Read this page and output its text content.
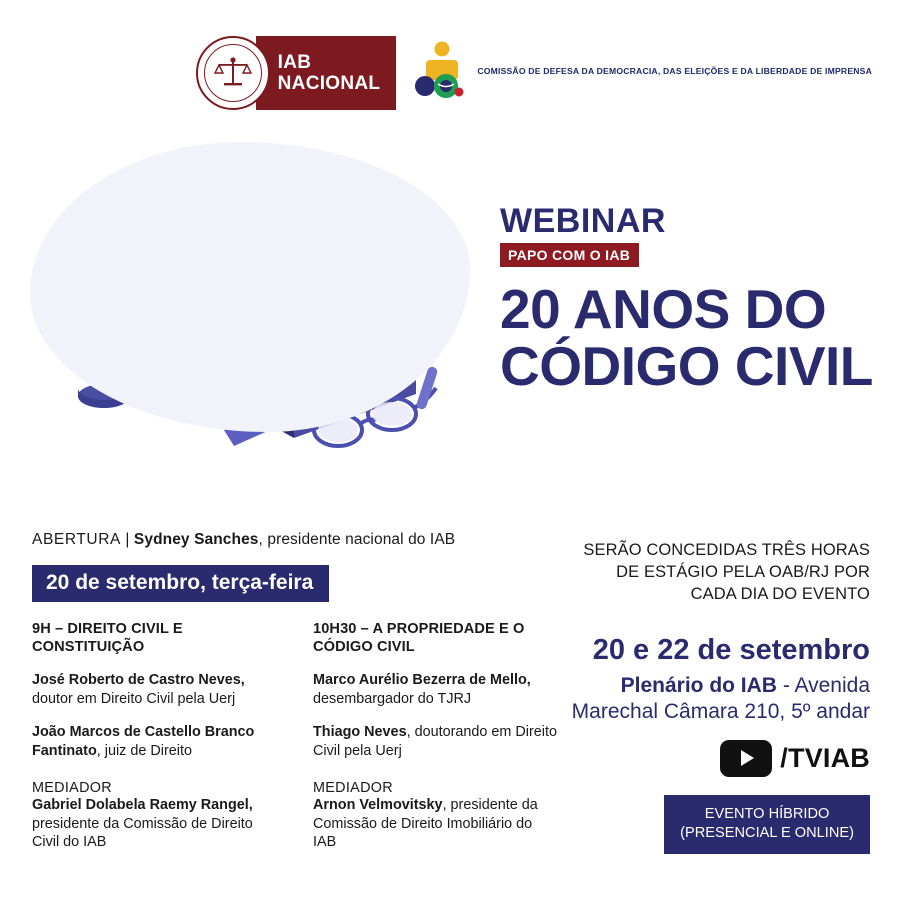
IAB
NACIONAL
COMISSÃO DE DEFESA DA DEMOCRACIA, DAS ELEIÇÕES E DA LIBERDADE DE IMPRENSA
WEBINAR
PAPO COM O IAB
20 ANOS DO
CÓDIGO CIVIL
ABERTURA | Sydney Sanches, presidente nacional do IAB
20 de setembro, terça-feira
9H – DIREITO CIVIL E CONSTITUIÇÃO
José Roberto de Castro Neves, doutor em Direito Civil pela Uerj
João Marcos de Castello Branco Fantinato, juiz de Direito
MEDIADOR
Gabriel Dolabela Raemy Rangel, presidente da Comissão de Direito Civil do IAB
10H30 – A PROPRIEDADE E O CÓDIGO CIVIL
Marco Aurélio Bezerra de Mello, desembargador do TJRJ
Thiago Neves, doutorando em Direito Civil pela Uerj
MEDIADOR
Arnon Velmovitsky, presidente da Comissão de Direito Imobiliário do IAB
SERÃO CONCEDIDAS TRÊS HORAS DE ESTÁGIO PELA OAB/RJ POR CADA DIA DO EVENTO
20 e 22 de setembro
Plenário do IAB - Avenida Marechal Câmara 210, 5º andar
/TVIAB
EVENTO HÍBRIDO
(PRESENCIAL E ONLINE)
